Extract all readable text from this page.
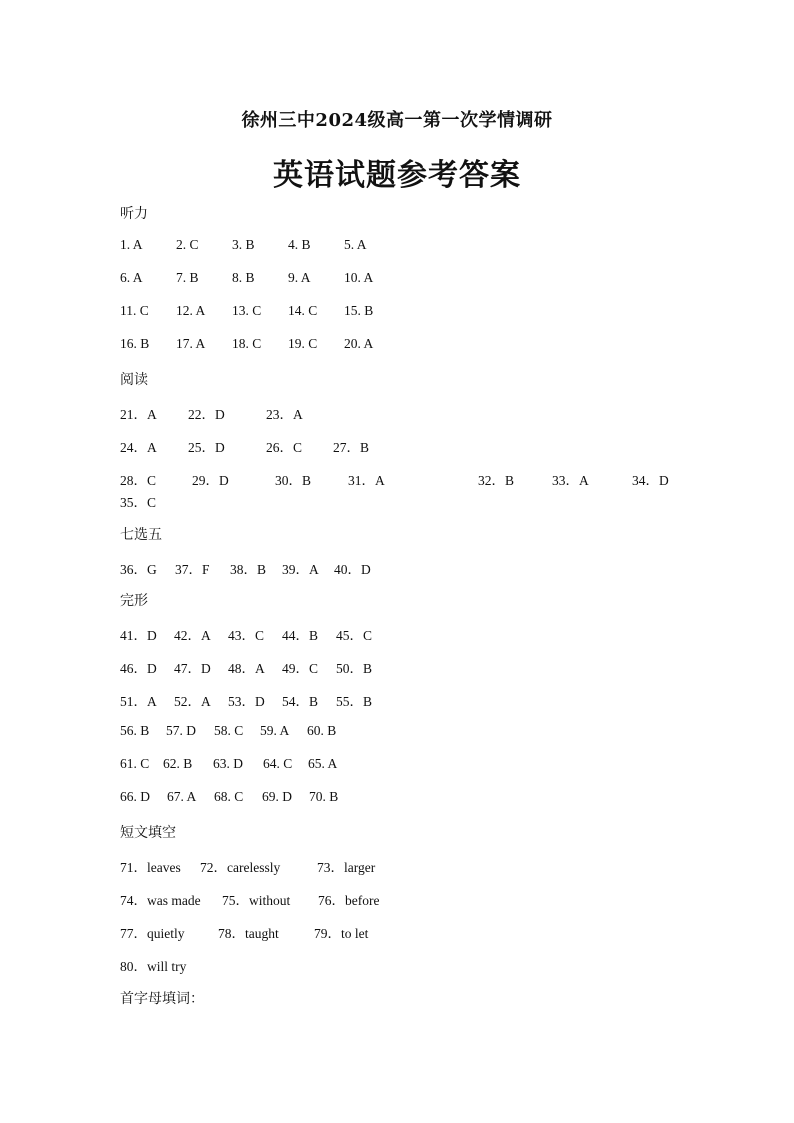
徐州三中2024级高一第一次学情调研
英语试题参考答案
听力
1. A 2. C 3. B 4. B 5. A
6. A 7. B 8. B 9. A 10. A
11. C 12. A 13. C 14. C 15. B
16. B 17. A 18. C 19. C 20. A
阅读
21．A 22．D	23．A
24．A 25．D	26．C 27．B
28．C	29．D	30．B	31．A	32．B	33．A	34．D
35．C
七选五
36．G 37．F 38．B 39．A 40．D
完形
41．D 42．A 43．C 44．B 45．C
46．D 47．D 48．A 49．C 50．B
51．A 52．A 53．D 54．B 55．B
56. B 57. D 58. C 59. A 60. B
61. C 62. B 63. D 64. C 65. A
66. D 67. A 68. C 69. D 70. B
短文填空
71．leaves 72．carelessly	73．larger
74．was made 75．without 76．before
77．quietly 78．taught	79．to let
80．will try
首字母填词：
